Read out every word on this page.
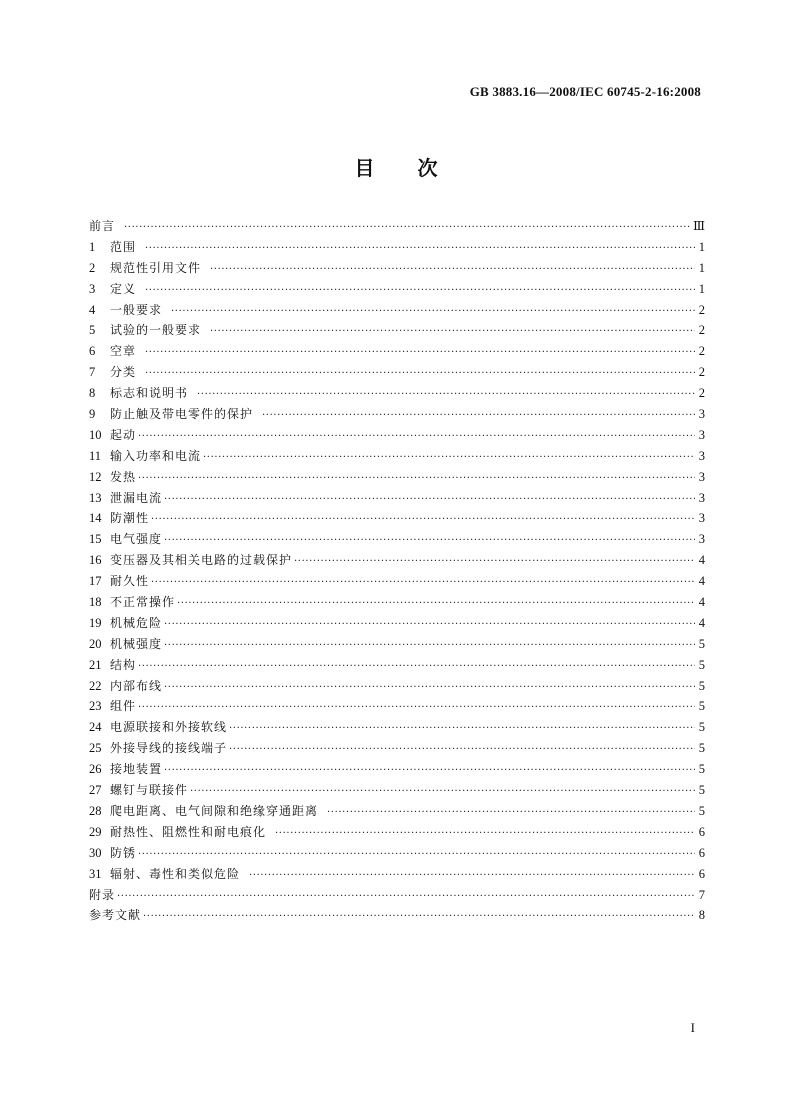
GB 3883.16—2008/IEC 60745-2-16:2008
目 次
前言 ·····	Ⅲ
1	范围 ·····	1
2	规范性引用文件 ·····	1
3	定义 ·····	1
4	一般要求 ·····	2
5	试验的一般要求 ·····	2
6	空章 ·····	2
7	分类 ·····	2
8	标志和说明书 ·····	2
9	防止触及带电零件的保护 ·····	3
10 起动 ·····	3
11 输入功率和电流 ·····	3
12 发热 ·····	3
13 泄漏电流 ·····	3
14 防潮性 ·····	3
15 电气强度 ·····	3
16 变压器及其相关电路的过载保护 ·····	4
17 耐久性 ·····	4
18 不正常操作 ·····	4
19 机械危险 ·····	4
20 机械强度 ·····	5
21 结构 ·····	5
22 内部布线 ·····	5
23 组件 ·····	5
24 电源联接和外接软线 ·····	5
25 外接导线的接线端子 ·····	5
26 接地装置 ·····	5
27 螺钉与联接件 ·····	5
28 爬电距离、电气间隙和绝缘穿通距离 ·····	5
29 耐热性、阻燃性和耐电痕化 ·····	6
30 防锈 ·····	6
31 辐射、毒性和类似危险 ·····	6
附录 ·····	7
参考文献 ·····	8
I
